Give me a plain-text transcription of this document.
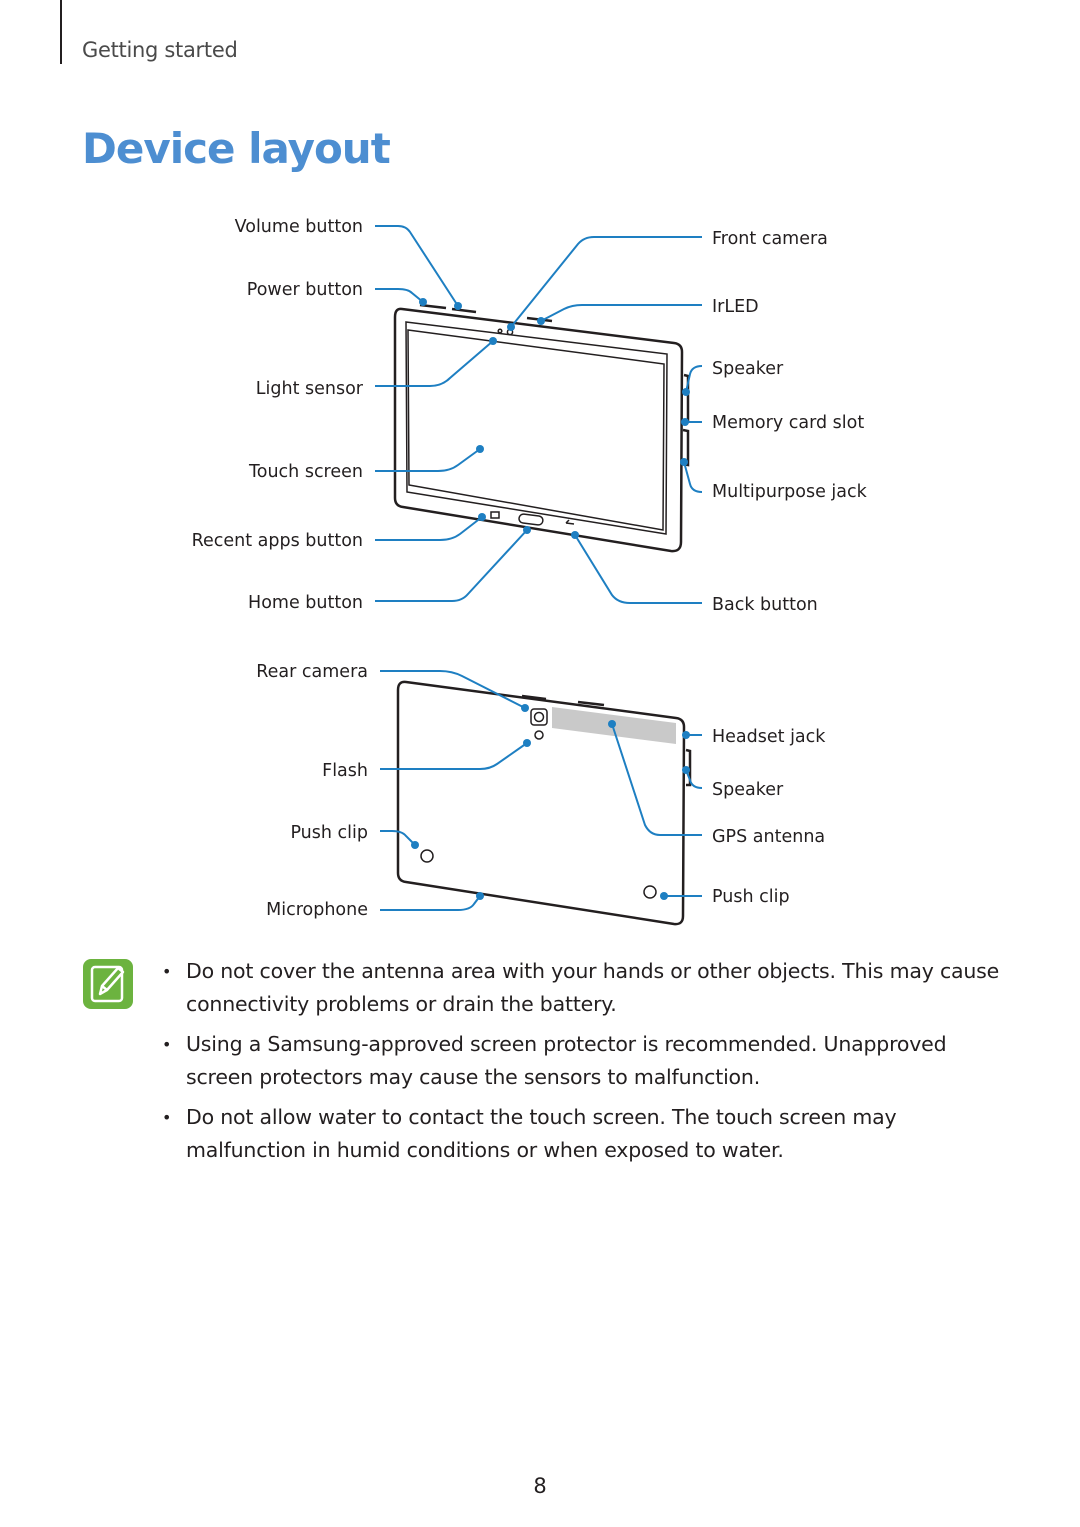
Getting started
Device layout
Volume button
Power button
Light sensor
Touch screen
Recent apps button
Home button
Front camera
IrLED
Speaker
Memory card slot
Multipurpose jack
Back button
Rear camera
Flash
Push clip
Microphone
Headset jack
Speaker
GPS antenna
Push clip
• Do not cover the antenna area with your hands or other objects. This may cause connectivity problems or drain the battery.
• Using a Samsung-approved screen protector is recommended. Unapproved screen protectors may cause the sensors to malfunction.
• Do not allow water to contact the touch screen. The touch screen may malfunction in humid conditions or when exposed to water.
8
